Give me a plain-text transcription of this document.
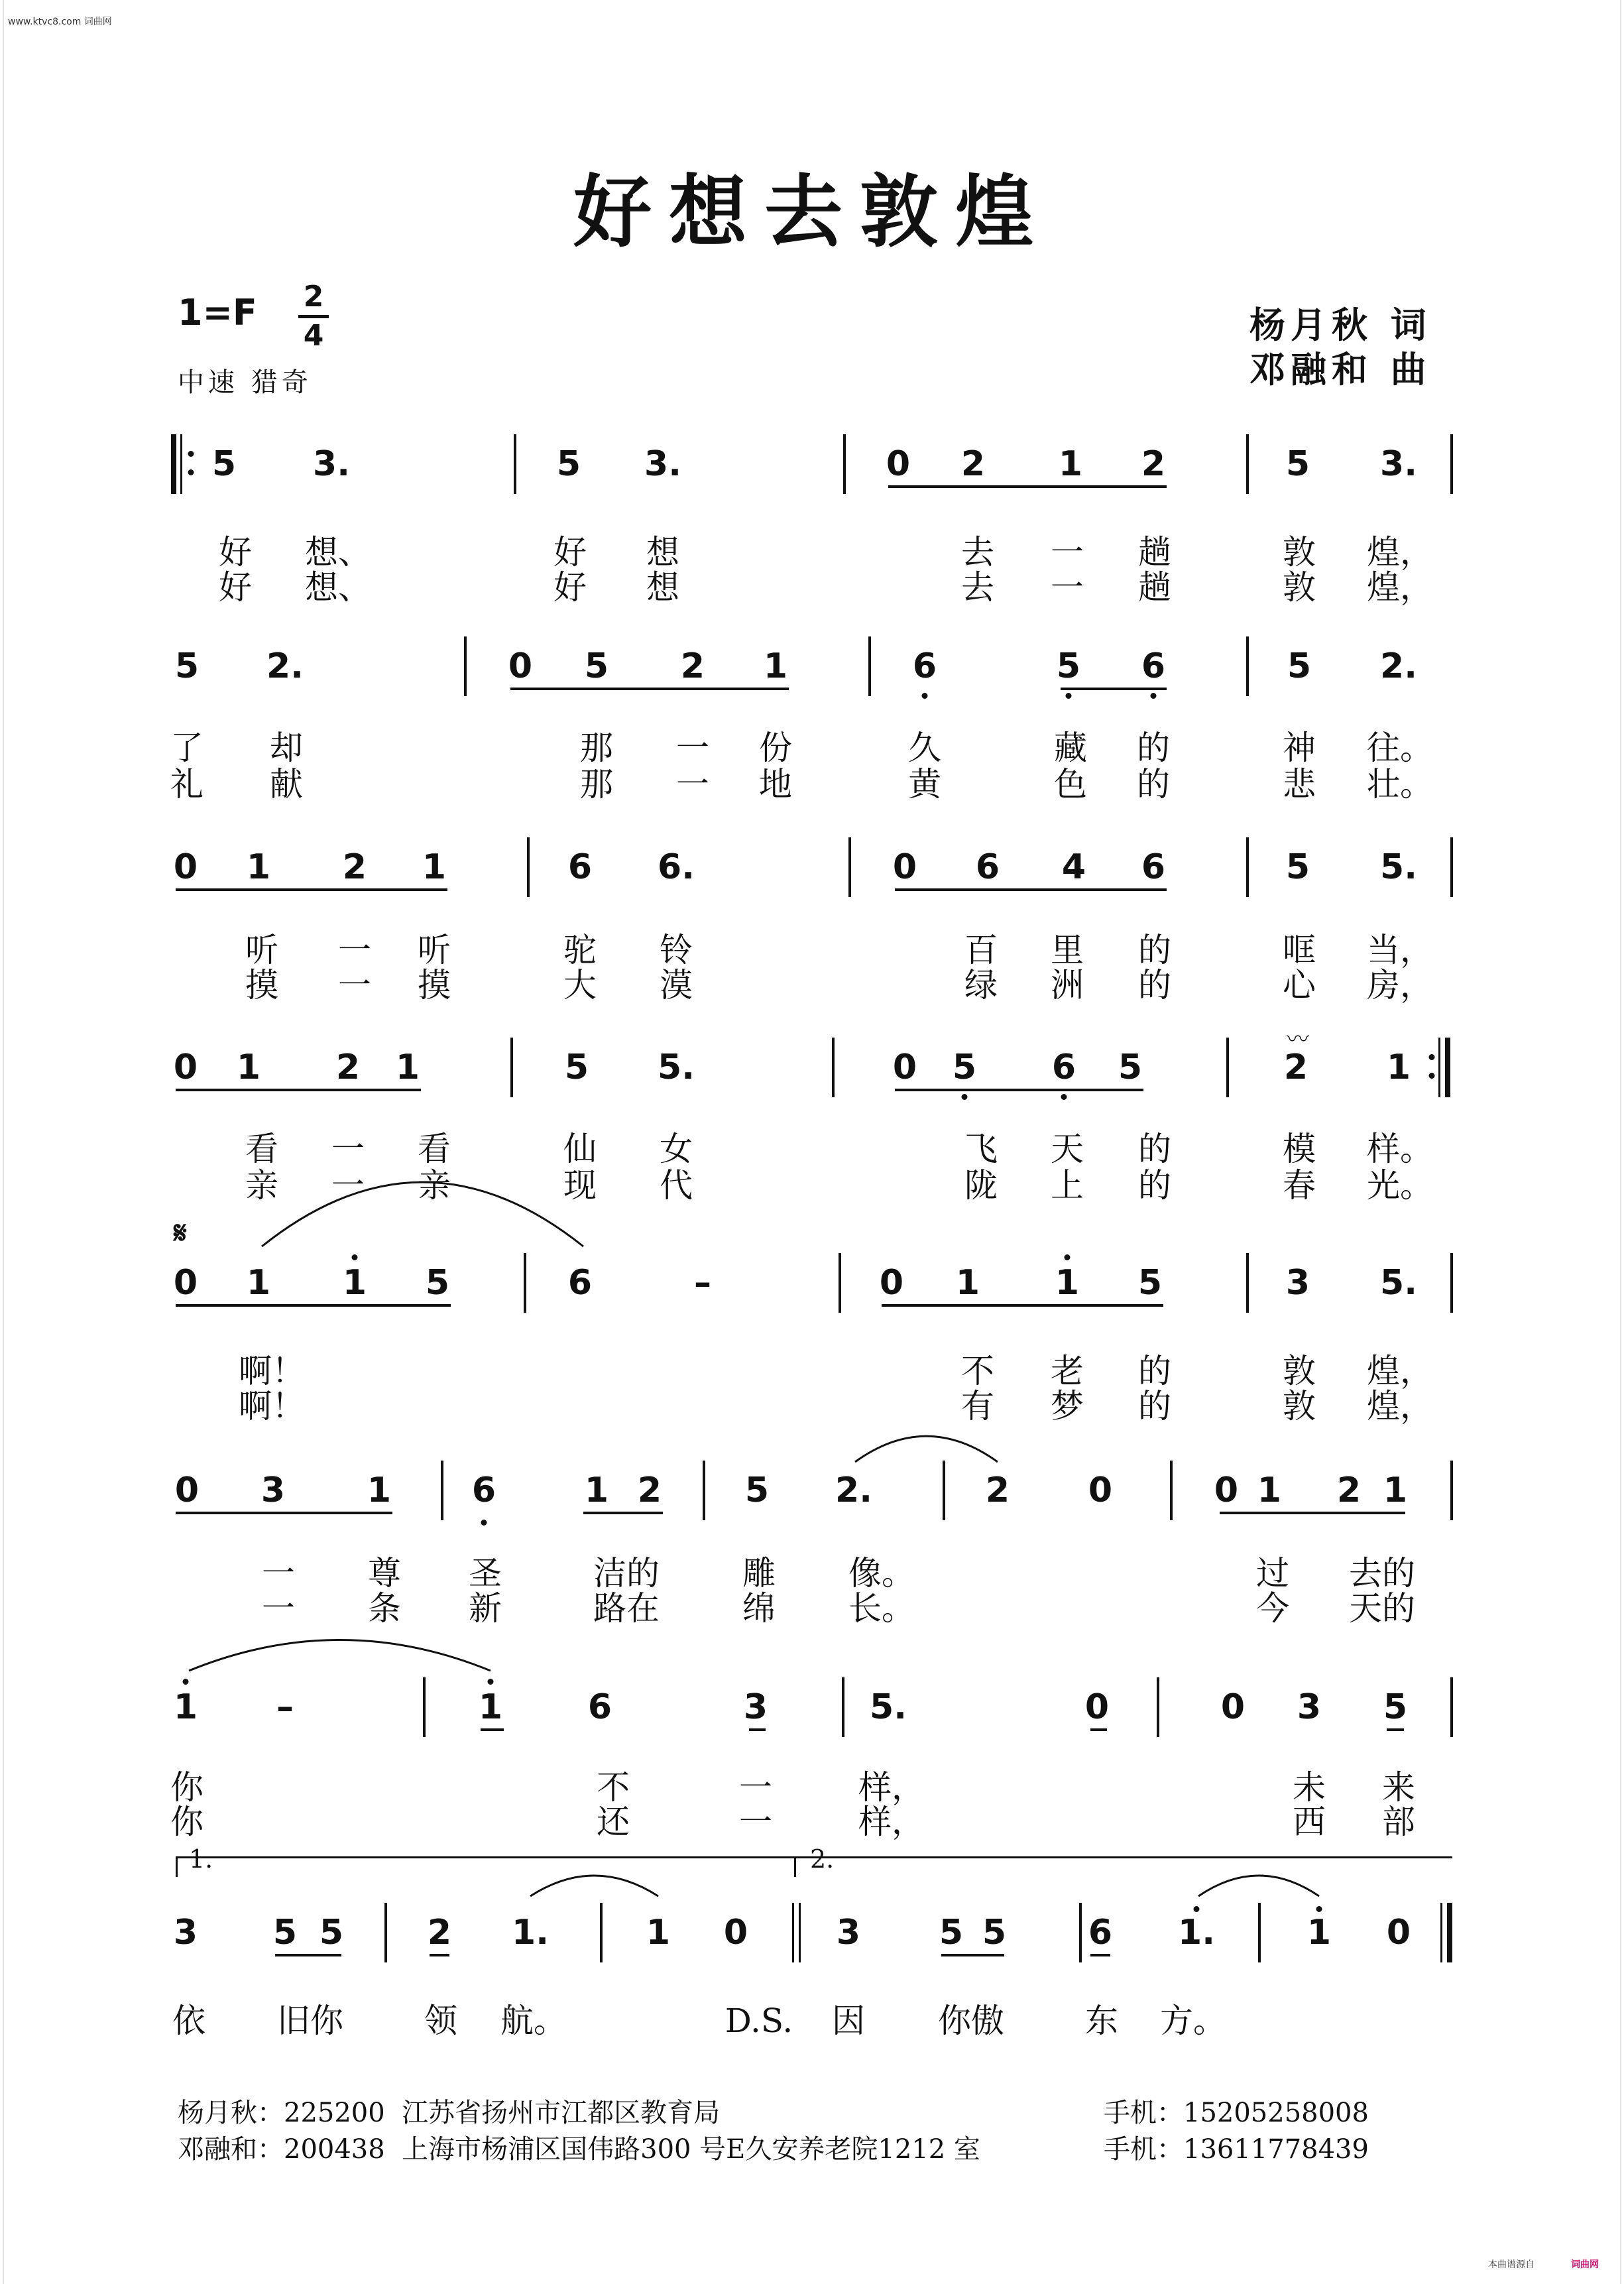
www.ktvc8.com 词曲网
好想去敦煌
1=F 2
4
中速 猎奇
杨月秋 词
邓融和 曲
5 3.	5 3.	0 2 1 2	5 3.
好
好
想、
想、
好
好
想
想
去
去
一
一
趟
趟
敦
敦
煌，
煌，
5 2.	0 5 2 1	6	5 6	5 2.
了
礼
却
献
那
那
一
一
份
地
久
黄
藏
色
的
的
神
悲
往。
壮。
0 1 2 1	6 6.	0 6 4 6	5 5.
听
摸
一
一
听
摸
驼
大
铃
漠
百
绿
里
洲
的
的
哐
心
当，
房，
0 1 2 1	5 5.	0 5 6 5	2 1
看
亲
一
一
看
亲
仙
现
女
代
飞
陇
天
上
的
的
模
春
样。
光。
0 1 1 5	6	–	0 1 1 5	3 5.
啊！
啊！
不
有
老
梦
的
的
敦
敦
煌，
煌，
0 3 1 6	1 2 5 2.	2 0	0 1 2 1
一
一
尊
条
圣
新
洁的
路在
雕
绵
像。
长。
过
今
去的
天的
1 –	1 6	3	5.	0	0 3 5
你
你
不
还
一
一
样，
样，
未
西
来
部
3 5 5 2 1.	1 0	3 5 5 6 1.	1 0
依 旧你 领 航。	D.S. 因 你傲 东 方。
𝄋
1.	2.
〰
杨月秋：225200  江苏省扬州市江都区教育局	手机：15205258008
邓融和：200438  上海市杨浦区国伟路300 号E久安养老院1212 室	手机：13611778439
本曲谱源自	词曲网
